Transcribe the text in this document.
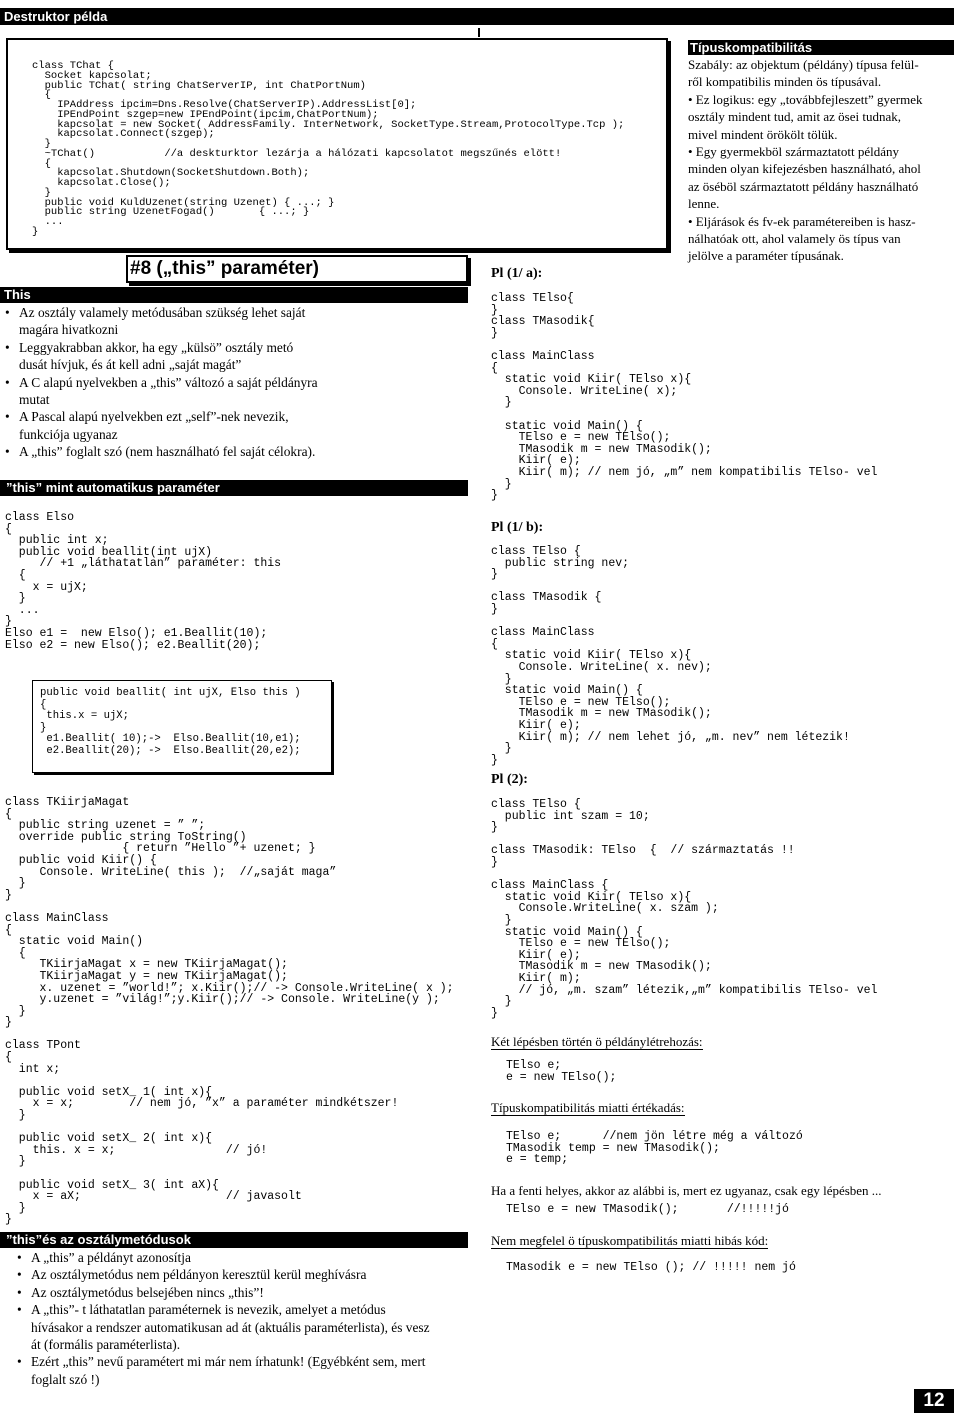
Destruktor példa
class TChat {
Socket kapcsolat;
public TChat( string ChatServerIP, int ChatPortNum)
{
IPAddress ipcim=Dns.Resolve(ChatServerIP).AddressList[0];
IPEndPoint szgep=new IPEndPoint(ipcim,ChatPortNum);
kapcsolat = new Socket( AddressFamily. InterNetwork, SocketType.Stream,ProtocolType.Tcp );
kapcsolat.Connect(szgep);
}
~TChat()           //a deskturktor lezárja a hálózati kapcsolatot megszűnés elött!
{
kapcsolat.Shutdown(SocketShutdown.Both);
kapcsolat.Close();
}
public void KuldUzenet(string Uzenet) { ...; }
public string UzenetFogad()       { ...; }
...
}
#8 („this” paraméter)
This
• Az osztály valamely metódusában szükség lehet saját
magára hivatkozni
• Leggyakrabban akkor, ha egy „külsö” osztály metó
dusát hívjuk, és át kell adni „saját magát”
• A C alapú nyelvekben a „this” változó a saját példányra
mutat
• A Pascal alapú nyelvekben ezt „self”-nek nevezik,
funkciója ugyanaz
• A „this” foglalt szó (nem használható fel saját célokra).
”this” mint automatikus paraméter
class Elso
{
public int x;
public void beallit(int ujX)
// +1 „láthatatlan” paraméter: this
{
x = ujX;
}
...
}
Elso e1 =  new Elso(); e1.Beallit(10);
Elso e2 = new Elso(); e2.Beallit(20);
public void beallit( int ujX, Elso this )
{
this.x = ujX;
}
e1.Beallit( 10);->  Elso.Beallit(10,e1);
e2.Beallit(20); ->  Elso.Beallit(20,e2);
class TKiirjaMagat
{
public string uzenet = ” ”;
override public string ToString()
{ return ”Hello ”+ uzenet; }
public void Kiir() {
Console. WriteLine( this );  //„saját maga”
}
}

class MainClass
{
static void Main()
{
TKiirjaMagat x = new TKiirjaMagat();
TKiirjaMagat y = new TKiirjaMagat();
x. uzenet = ”world!”; x.Kiir();// -> Console.WriteLine( x );
y.uzenet = ”világ!”;y.Kiir();// -> Console. WriteLine(y );
}
}

class TPont
{
int x;

public void setX_ 1( int x){
x = x;        // nem jó, ”x” a paraméter mindkétszer!
}

public void setX_ 2( int x){
this. x = x;                // jó!
}

public void setX_ 3( int aX){
x = aX;                     // javasolt
}
}
”this”és az osztálymetódusok
• A „this” a példányt azonosítja
• Az osztálymetódus nem példányon keresztül kerül meghívásra
• Az osztálymetódus belsejében nincs „this”!
• A „this”- t láthatatlan paraméternek is nevezik, amelyet a metódus
hívásakor a rendszer automatikusan ad át (aktuális paraméterlista), és vesz
át (formális paraméterlista).
• Ezért „this” nevű paramétert mi már nem írhatunk! (Egyébként sem, mert
foglalt szó !)
Típuskompatibilitás
Szabály: az objektum (példány) típusa felül-
ről kompatibilis minden ös típusával.
• Ez logikus: egy „továbbfejleszett” gyermek
osztály mindent tud, amit az ösei tudnak,
mivel mindent örökölt tölük.
• Egy gyermekböl származtatott példány
minden olyan kifejezésben használható, ahol
az öséböl származtatott példány használható
lenne.
• Eljárások és fv-ek paramétereiben is hasz-
nálhatóak ott, ahol valamely ös típus van
jelölve a paraméter típusának.
Pl (1/ a):
class TElso{
}
class TMasodik{
}

class MainClass
{
static void Kiir( TElso x){
Console. WriteLine( x);
}

static void Main() {
TElso e = new TElso();
TMasodik m = new TMasodik();
Kiir( e);
Kiir( m); // nem jó, „m” nem kompatibilis TElso- vel
}
}
Pl (1/ b):
class TElso {
public string nev;
}

class TMasodik {
}

class MainClass
{
static void Kiir( TElso x){
Console. WriteLine( x. nev);
}
static void Main() {
TElso e = new TElso();
TMasodik m = new TMasodik();
Kiir( e);
Kiir( m); // nem lehet jó, „m. nev” nem létezik!
}
}
Pl (2):
class TElso {
public int szam = 10;
}

class TMasodik: TElso  {  // származtatás !!
}

class MainClass {
static void Kiir( TElso x){
Console.WriteLine( x. szam );
}
static void Main() {
TElso e = new TElso();
Kiir( e);
TMasodik m = new TMasodik();
Kiir( m);
// jó, „m. szam” létezik,„m” kompatibilis TElso- vel
}
}
Két lépésben történ ö példánylétrehozás:
TElso e;
e = new TElso();
Típuskompatibilitás miatti értékadás:
TElso e;      //nem jön létre még a változó
TMasodik temp = new TMasodik();
e = temp;
Ha a fenti helyes, akkor az alábbi is, mert ez ugyanaz, csak egy lépésben ...
TElso e = new TMasodik();       //!!!!!jó
Nem megfelel ö típuskompatibilitás miatti hibás kód:
TMasodik e = new TElso (); // !!!!! nem jó
12
